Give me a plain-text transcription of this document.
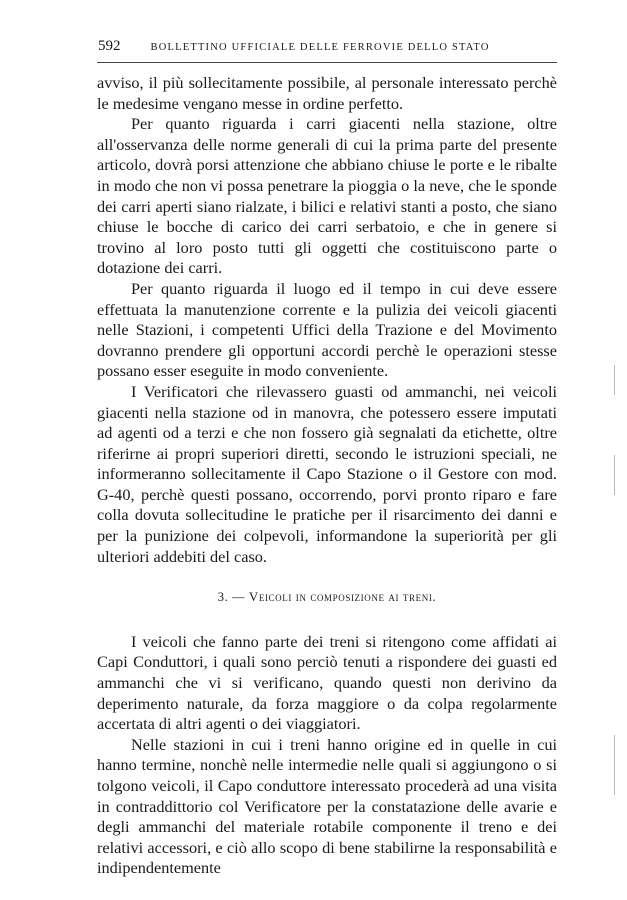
592	BOLLETTINO UFFICIALE DELLE FERROVIE DELLO STATO

avviso, il più sollecitamente possibile, al personale interessato perchè le medesime vengano messe in ordine perfetto.

Per quanto riguarda i carri giacenti nella stazione, oltre all'osservanza delle norme generali di cui la prima parte del presente articolo, dovrà porsi attenzione che abbiano chiuse le porte e le ribalte in modo che non vi possa penetrare la pioggia o la neve, che le sponde dei carri aperti siano rialzate, i bilici e relativi stanti a posto, che siano chiuse le bocche di carico dei carri serbatoio, e che in genere si trovino al loro posto tutti gli oggetti che costituiscono parte o dotazione dei carri.

Per quanto riguarda il luogo ed il tempo in cui deve essere effettuata la manutenzione corrente e la pulizia dei veicoli giacenti nelle Stazioni, i competenti Uffici della Trazione e del Movimento dovranno prendere gli opportuni accordi perchè le operazioni stesse possano esser eseguite in modo conveniente.

I Verificatori che rilevassero guasti od ammanchi, nei veicoli giacenti nella stazione od in manovra, che potessero essere imputati ad agenti od a terzi e che non fossero già segnalati da etichette, oltre riferirne ai propri superiori diretti, secondo le istruzioni speciali, ne informeranno sollecitamente il Capo Stazione o il Gestore con mod. G-40, perchè questi possano, occorrendo, porvi pronto riparo e fare colla dovuta sollecitudine le pratiche per il risarcimento dei danni e per la punizione dei colpevoli, informandone la superiorità per gli ulteriori addebiti del caso.

3. — Veicoli in composizione ai treni.

I veicoli che fanno parte dei treni si ritengono come affidati ai Capi Conduttori, i quali sono perciò tenuti a rispondere dei guasti ed ammanchi che vi si verificano, quando questi non derivino da deperimento naturale, da forza maggiore o da colpa regolarmente accertata di altri agenti o dei viaggiatori.

Nelle stazioni in cui i treni hanno origine ed in quelle in cui hanno termine, nonchè nelle intermedie nelle quali si aggiungono o si tolgono veicoli, il Capo conduttore interessato procederà ad una visita in contraddittorio col Verificatore per la constatazione delle avarie e degli ammanchi del materiale rotabile componente il treno e dei relativi accessori, e ciò allo scopo di bene stabilirne la responsabilità e indipendentemente
